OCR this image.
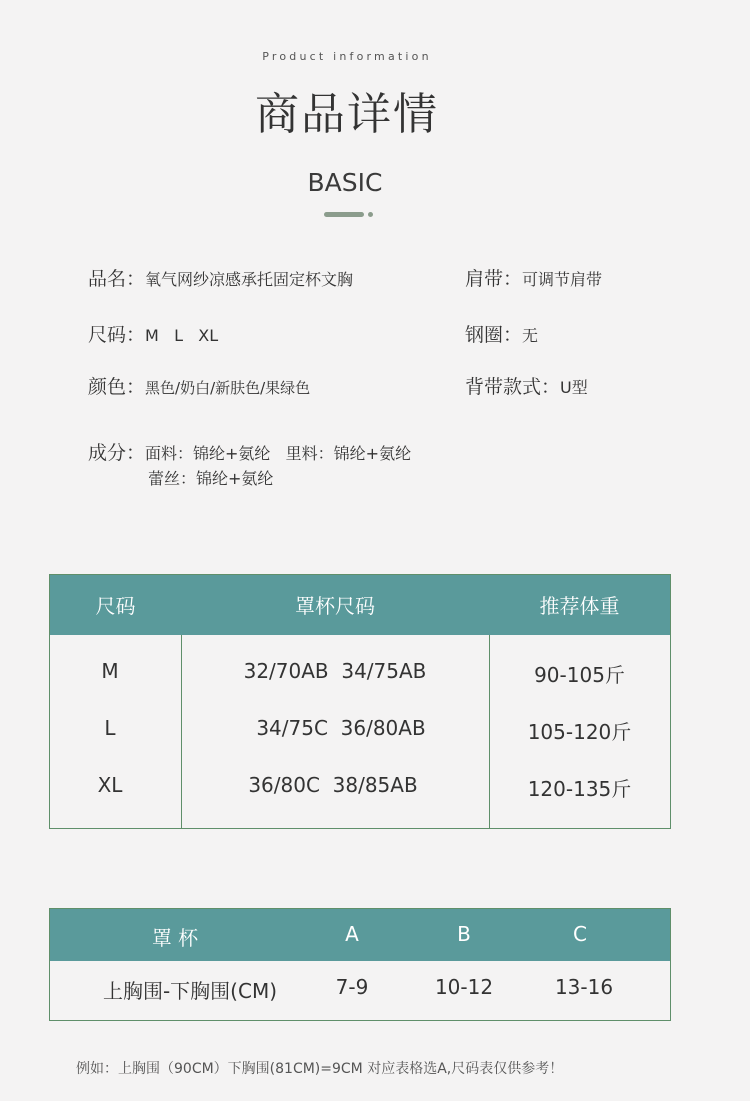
Product information
商品详情
BASIC
品名：氧气网纱凉感承托固定杯文胸	肩带：可调节肩带
尺码：M   L   XL	钢圈：无
颜色：黑色/奶白/新肤色/果绿色	背带款式：U型
成分：面料：锦纶+氨纶   里料：锦纶+氨纶
蕾丝：锦纶+氨纶
尺码	罩杯尺码	推荐体重
M	32/70AB  34/75AB	90-105斤
L	34/75C  36/80AB	105-120斤
XL	36/80C  38/85AB	120-135斤
罩 杯	A	B	C
上胸围-下胸围(CM)	7-9	10-12	13-16
例如：上胸围（90CM）下胸围(81CM)=9CM 对应表格选A,尺码表仅供参考！
